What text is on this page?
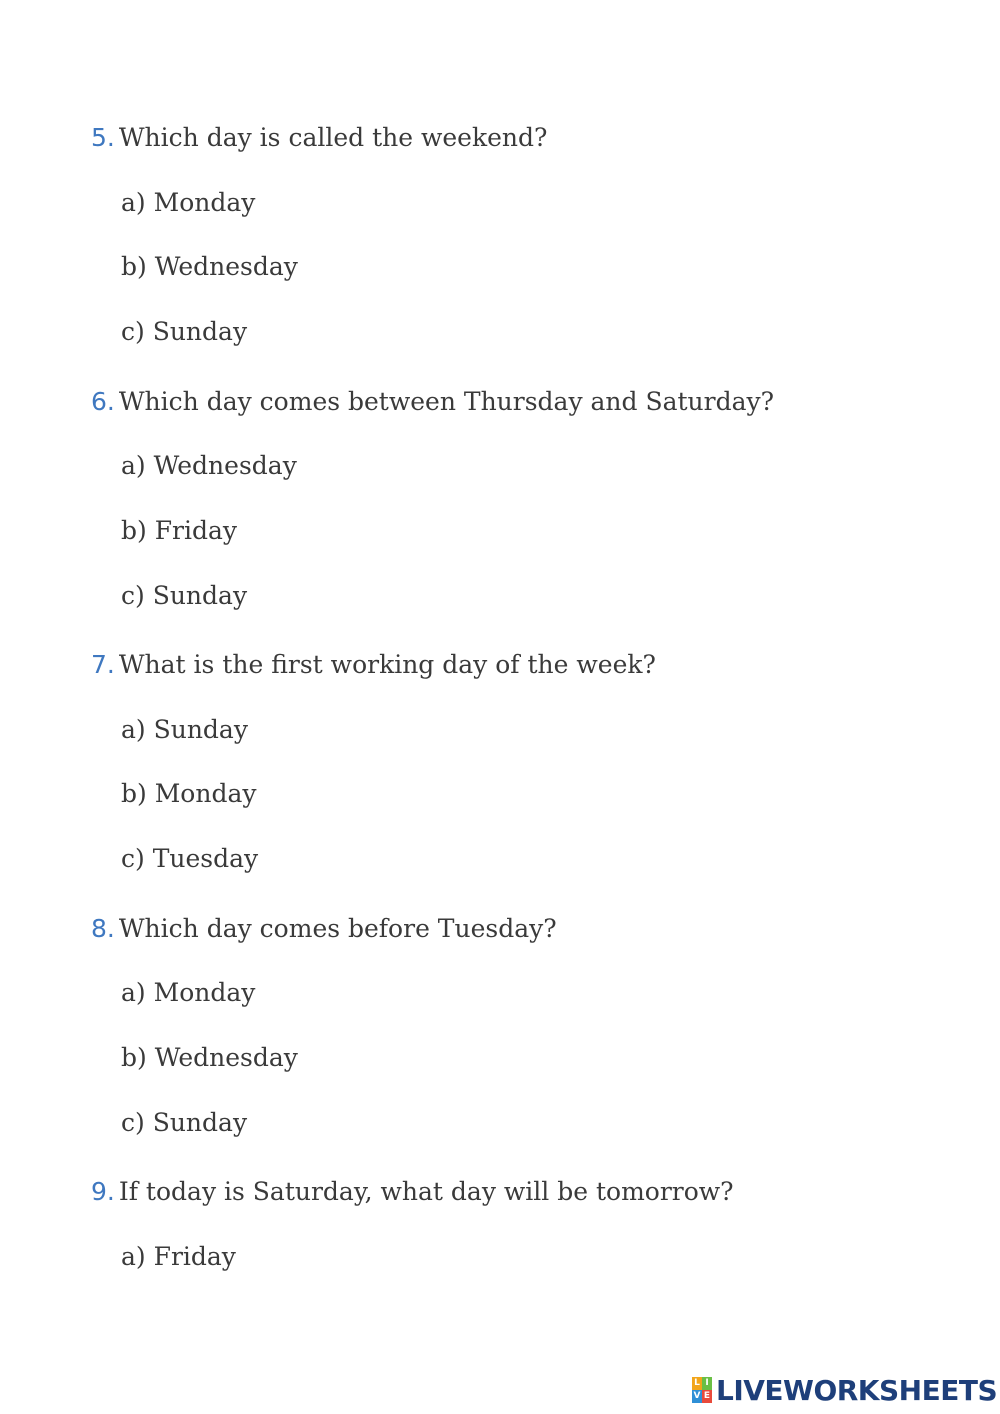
5. Which day is called the weekend?
a) Monday
b) Wednesday
c) Sunday
6. Which day comes between Thursday and Saturday?
a) Wednesday
b) Friday
c) Sunday
7. What is the first working day of the week?
a) Sunday
b) Monday
c) Tuesday
8. Which day comes before Tuesday?
a) Monday
b) Wednesday
c) Sunday
9. If today is Saturday, what day will be tomorrow?
a) Friday
L I
V E LIVEWORKSHEETS
